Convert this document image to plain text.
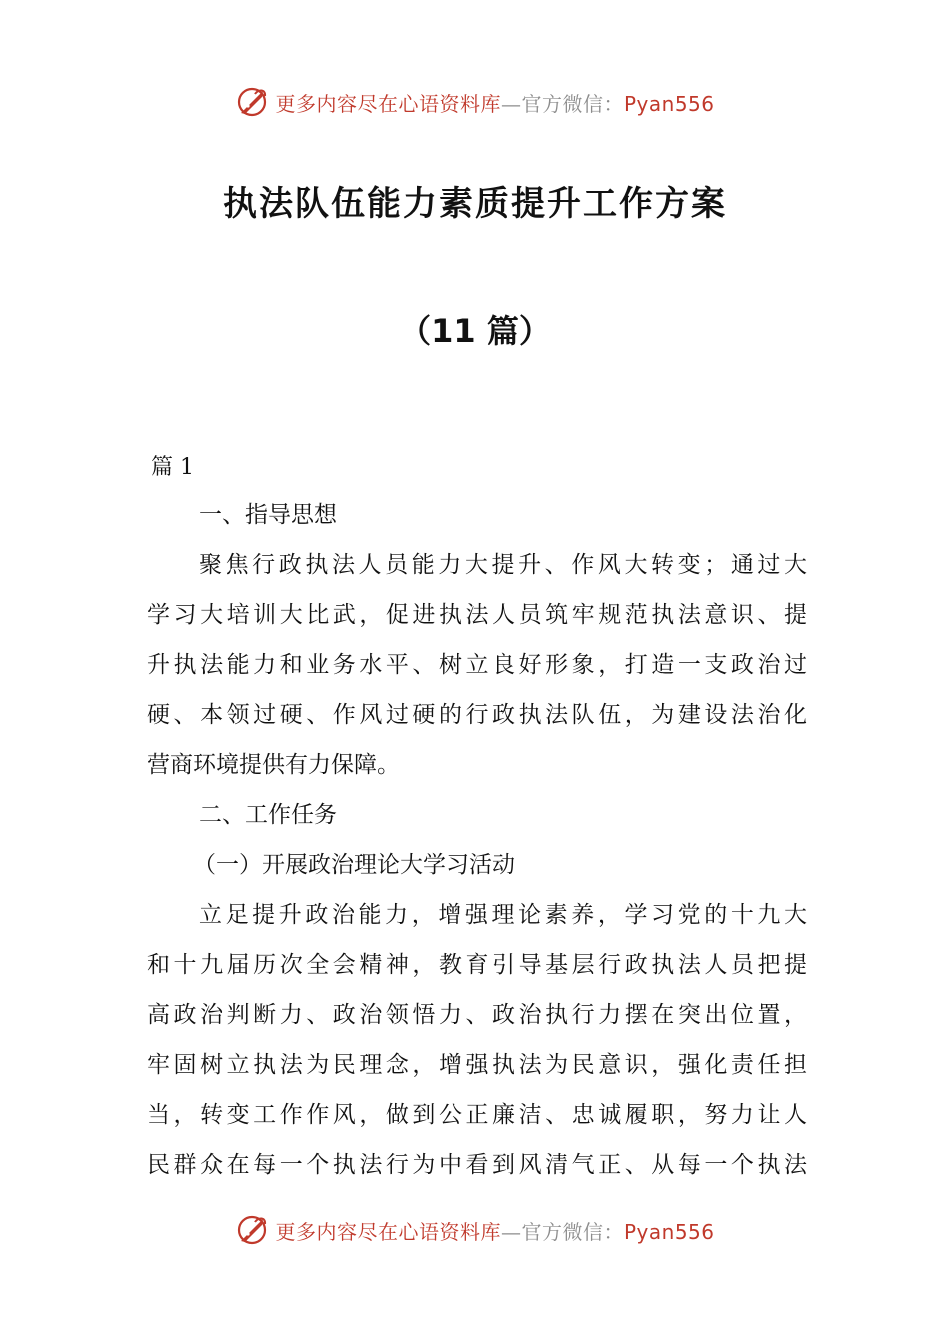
更多内容尽在心语资料库—官方微信：Pyan556
执法队伍能力素质提升工作方案
（11 篇）
篇 1
一、指导思想
聚焦行政执法人员能力大提升、作风大转变；通过大
学习大培训大比武，促进执法人员筑牢规范执法意识、提
升执法能力和业务水平、树立良好形象，打造一支政治过
硬、本领过硬、作风过硬的行政执法队伍，为建设法治化
营商环境提供有力保障。
二、工作任务
（一）开展政治理论大学习活动
立足提升政治能力，增强理论素养，学习党的十九大
和十九届历次全会精神，教育引导基层行政执法人员把提
高政治判断力、政治领悟力、政治执行力摆在突出位置，
牢固树立执法为民理念，增强执法为民意识，强化责任担
当，转变工作作风，做到公正廉洁、忠诚履职，努力让人
民群众在每一个执法行为中看到风清气正、从每一个执法
更多内容尽在心语资料库—官方微信：Pyan556
